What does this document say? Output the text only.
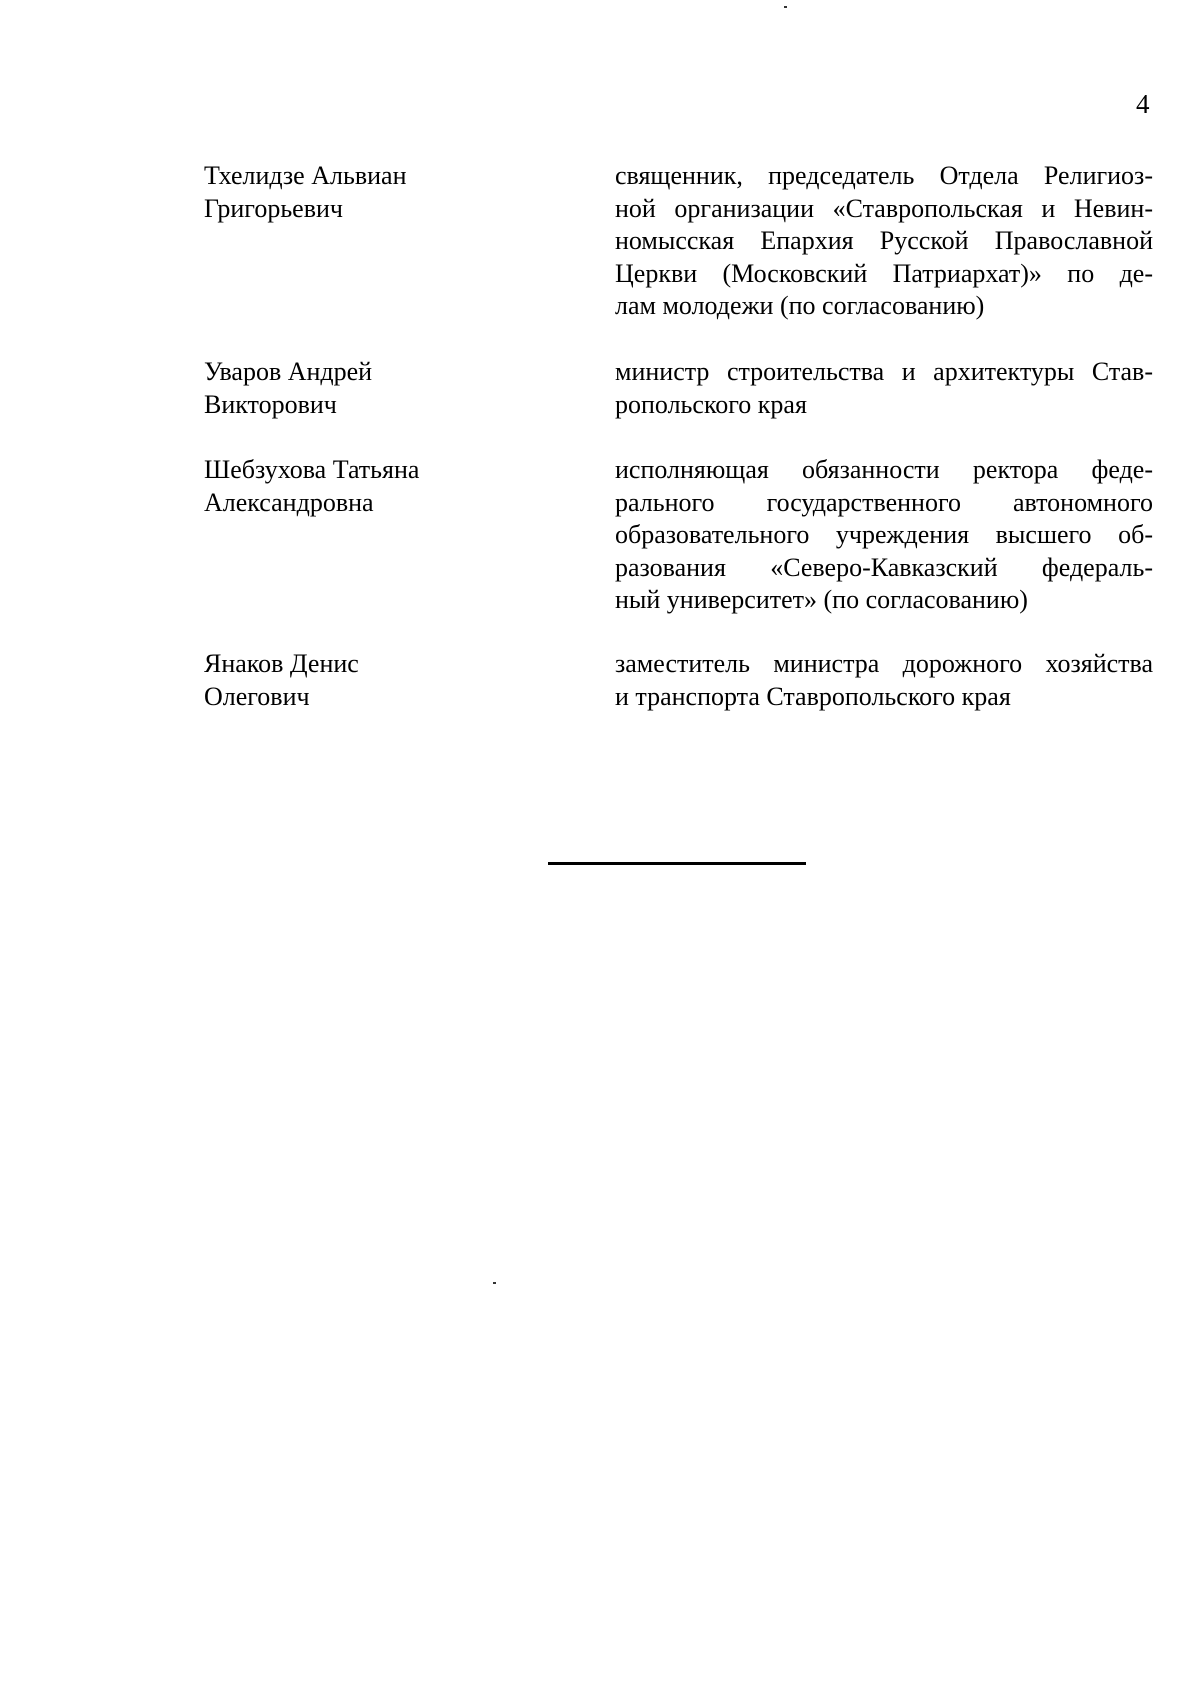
4
Тхелидзе Альвиан
Григорьевич
священник, председатель Отдела Религиоз-
ной организации «Ставропольская и Невин-
номысская Епархия Русской Православной
Церкви (Московский Патриархат)» по де-
лам молодежи (по согласованию)
Уваров Андрей
Викторович
министр строительства и архитектуры Став-
ропольского края
Шебзухова Татьяна
Александровна
исполняющая обязанности ректора феде-
рального государственного автономного
образовательного учреждения высшего об-
разования «Северо-Кавказский федераль-
ный университет» (по согласованию)
Янаков Денис
Олегович
заместитель министра дорожного хозяйства
и транспорта Ставропольского края
